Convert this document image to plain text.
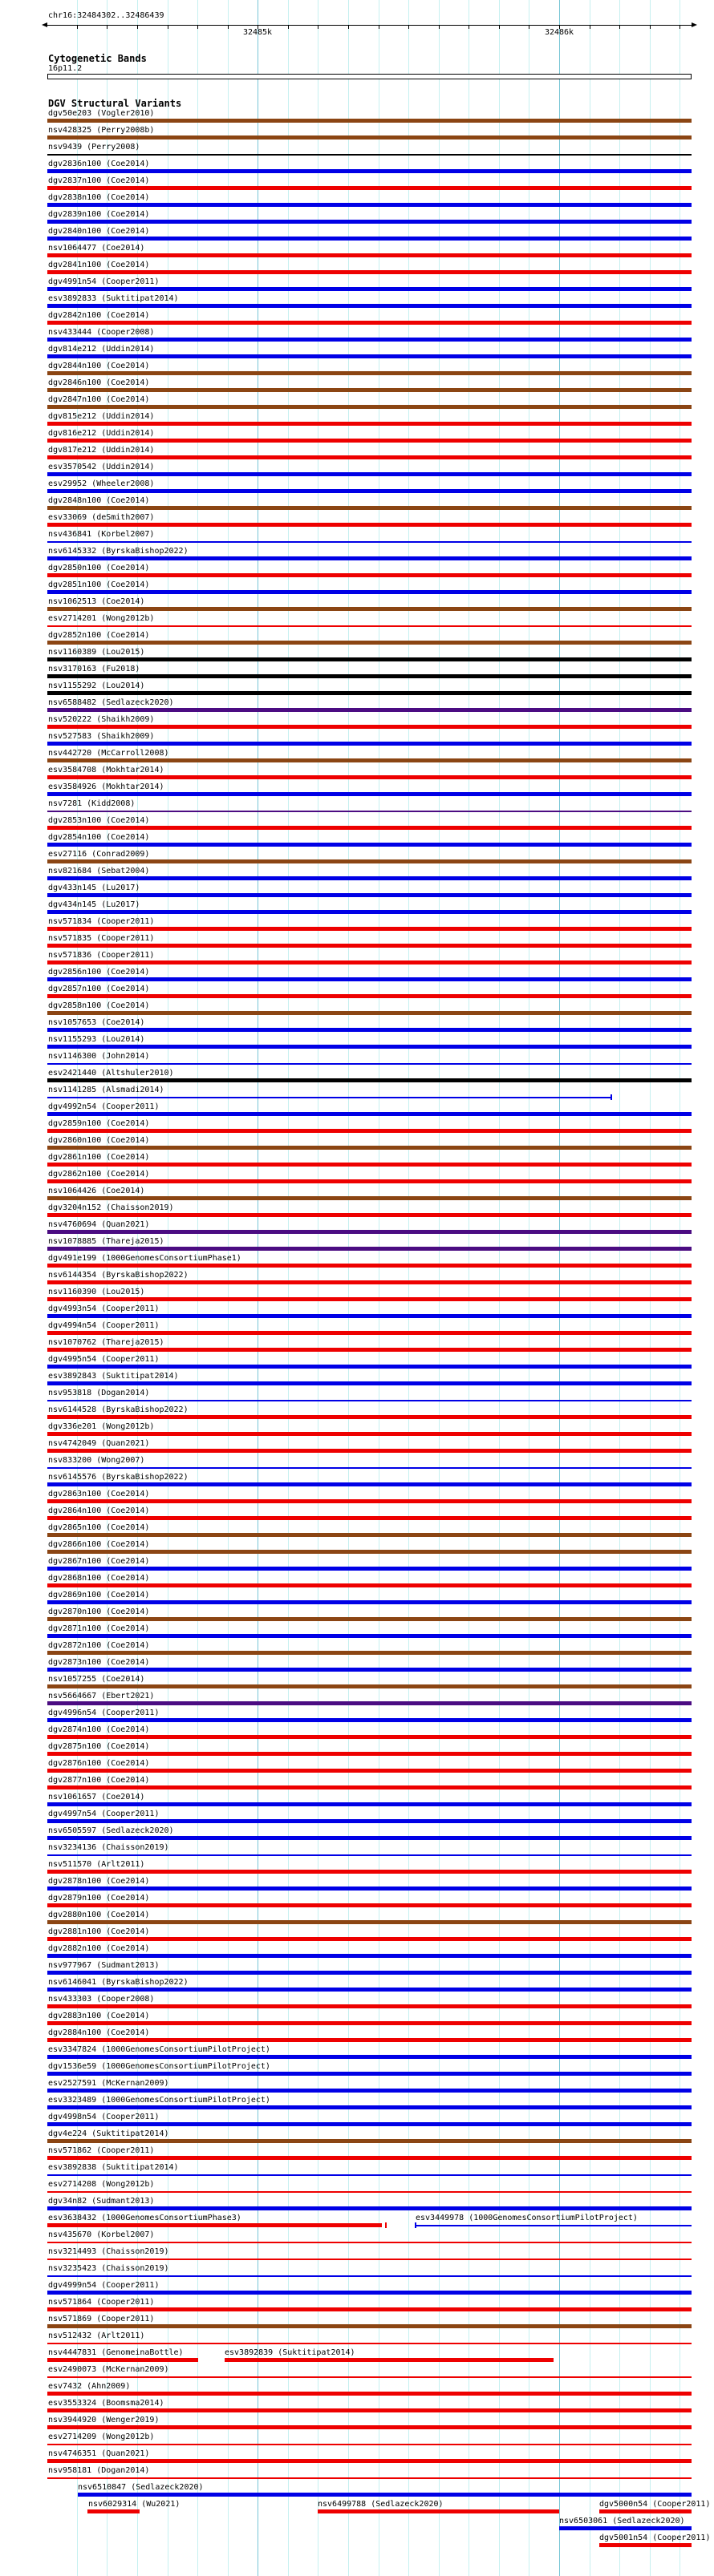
chr16:32484302..32486439
32485k	32486k
Cytogenetic Bands
16p11.2
DGV Structural Variants
dgv50e203 (Vogler2010)
nsv428325 (Perry2008b)
nsv9439 (Perry2008)
dgv2836n100 (Coe2014)
dgv2837n100 (Coe2014)
dgv2838n100 (Coe2014)
dgv2839n100 (Coe2014)
dgv2840n100 (Coe2014)
nsv1064477 (Coe2014)
dgv2841n100 (Coe2014)
dgv4991n54 (Cooper2011)
esv3892833 (Suktitipat2014)
dgv2842n100 (Coe2014)
nsv433444 (Cooper2008)
dgv814e212 (Uddin2014)
dgv2844n100 (Coe2014)
dgv2846n100 (Coe2014)
dgv2847n100 (Coe2014)
dgv815e212 (Uddin2014)
dgv816e212 (Uddin2014)
dgv817e212 (Uddin2014)
esv3570542 (Uddin2014)
esv29952 (Wheeler2008)
dgv2848n100 (Coe2014)
esv33069 (deSmith2007)
nsv436841 (Korbel2007)
nsv6145332 (ByrskaBishop2022)
dgv2850n100 (Coe2014)
dgv2851n100 (Coe2014)
nsv1062513 (Coe2014)
esv2714201 (Wong2012b)
dgv2852n100 (Coe2014)
nsv1160389 (Lou2015)
nsv3170163 (Fu2018)
nsv1155292 (Lou2014)
nsv6588482 (Sedlazeck2020)
nsv520222 (Shaikh2009)
nsv527583 (Shaikh2009)
nsv442720 (McCarroll2008)
esv3584708 (Mokhtar2014)
esv3584926 (Mokhtar2014)
nsv7281 (Kidd2008)
dgv2853n100 (Coe2014)
dgv2854n100 (Coe2014)
esv27116 (Conrad2009)
nsv821684 (Sebat2004)
dgv433n145 (Lu2017)
dgv434n145 (Lu2017)
nsv571834 (Cooper2011)
nsv571835 (Cooper2011)
nsv571836 (Cooper2011)
dgv2856n100 (Coe2014)
dgv2857n100 (Coe2014)
dgv2858n100 (Coe2014)
nsv1057653 (Coe2014)
nsv1155293 (Lou2014)
nsv1146300 (John2014)
esv2421440 (Altshuler2010)
nsv1141285 (Alsmadi2014)
dgv4992n54 (Cooper2011)
dgv2859n100 (Coe2014)
dgv2860n100 (Coe2014)
dgv2861n100 (Coe2014)
dgv2862n100 (Coe2014)
nsv1064426 (Coe2014)
dgv3204n152 (Chaisson2019)
nsv4760694 (Quan2021)
nsv1078885 (Thareja2015)
dgv491e199 (1000GenomesConsortiumPhase1)
nsv6144354 (ByrskaBishop2022)
nsv1160390 (Lou2015)
dgv4993n54 (Cooper2011)
dgv4994n54 (Cooper2011)
nsv1070762 (Thareja2015)
dgv4995n54 (Cooper2011)
esv3892843 (Suktitipat2014)
nsv953818 (Dogan2014)
nsv6144528 (ByrskaBishop2022)
dgv336e201 (Wong2012b)
nsv4742049 (Quan2021)
nsv833200 (Wong2007)
nsv6145576 (ByrskaBishop2022)
dgv2863n100 (Coe2014)
dgv2864n100 (Coe2014)
dgv2865n100 (Coe2014)
dgv2866n100 (Coe2014)
dgv2867n100 (Coe2014)
dgv2868n100 (Coe2014)
dgv2869n100 (Coe2014)
dgv2870n100 (Coe2014)
dgv2871n100 (Coe2014)
dgv2872n100 (Coe2014)
dgv2873n100 (Coe2014)
nsv1057255 (Coe2014)
nsv5664667 (Ebert2021)
dgv4996n54 (Cooper2011)
dgv2874n100 (Coe2014)
dgv2875n100 (Coe2014)
dgv2876n100 (Coe2014)
dgv2877n100 (Coe2014)
nsv1061657 (Coe2014)
dgv4997n54 (Cooper2011)
nsv6505597 (Sedlazeck2020)
nsv3234136 (Chaisson2019)
nsv511570 (Arlt2011)
dgv2878n100 (Coe2014)
dgv2879n100 (Coe2014)
dgv2880n100 (Coe2014)
dgv2881n100 (Coe2014)
dgv2882n100 (Coe2014)
nsv977967 (Sudmant2013)
nsv6146041 (ByrskaBishop2022)
nsv433303 (Cooper2008)
dgv2883n100 (Coe2014)
dgv2884n100 (Coe2014)
esv3347824 (1000GenomesConsortiumPilotProject)
dgv1536e59 (1000GenomesConsortiumPilotProject)
esv2527591 (McKernan2009)
esv3323489 (1000GenomesConsortiumPilotProject)
dgv4998n54 (Cooper2011)
dgv4e224 (Suktitipat2014)
nsv571862 (Cooper2011)
esv3892838 (Suktitipat2014)
esv2714208 (Wong2012b)
dgv34n82 (Sudmant2013)
esv3638432 (1000GenomesConsortiumPhase3)	esv3449978 (1000GenomesConsortiumPilotProject)
nsv435670 (Korbel2007)
nsv3214493 (Chaisson2019)
nsv3235423 (Chaisson2019)
dgv4999n54 (Cooper2011)
nsv571864 (Cooper2011)
nsv571869 (Cooper2011)
nsv512432 (Arlt2011)
nsv4447831 (GenomeinaBottle)	esv3892839 (Suktitipat2014)
esv2490073 (McKernan2009)
esv7432 (Ahn2009)
esv3553324 (Boomsma2014)
nsv3944920 (Wenger2019)
esv2714209 (Wong2012b)
nsv4746351 (Quan2021)
nsv958181 (Dogan2014)
nsv6510847 (Sedlazeck2020)
nsv6029314 (Wu2021)	nsv6499788 (Sedlazeck2020)	dgv5000n54 (Cooper2011)
nsv6503061 (Sedlazeck2020)
dgv5001n54 (Cooper2011)
